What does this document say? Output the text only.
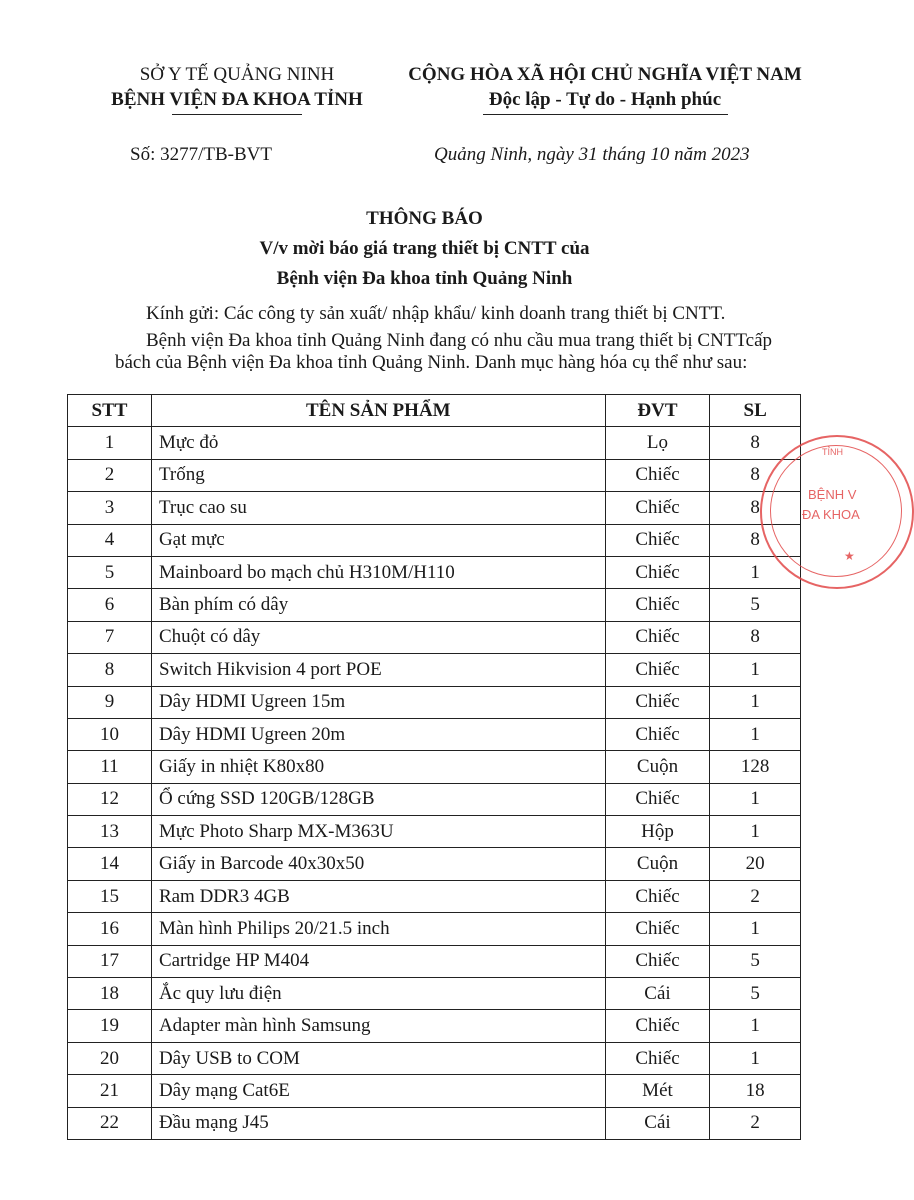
SỞ Y TẾ QUẢNG NINH
BỆNH VIỆN ĐA KHOA TỈNH
CỘNG HÒA XÃ HỘI CHỦ NGHĨA VIỆT NAM
Độc lập - Tự do - Hạnh phúc
Số: 3277/TB-BVT	Quảng Ninh, ngày 31 tháng 10 năm 2023
THÔNG BÁO
V/v mời báo giá trang thiết bị CNTT của
Bệnh viện Đa khoa tỉnh Quảng Ninh
Kính gửi: Các công ty sản xuất/ nhập khẩu/ kinh doanh trang thiết bị CNTT.
Bệnh viện Đa khoa tỉnh Quảng Ninh đang có nhu cầu mua trang thiết bị CNTTcấp bách của Bệnh viện Đa khoa tỉnh Quảng Ninh. Danh mục hàng hóa cụ thể như sau:
STT	TÊN SẢN PHẨM	ĐVT	SL
1	Mực đỏ	Lọ	8
2	Trống	Chiếc	8
3	Trục cao su	Chiếc	8
4	Gạt mực	Chiếc	8
5	Mainboard bo mạch chủ H310M/H110	Chiếc	1
6	Bàn phím có dây	Chiếc	5
7	Chuột có dây	Chiếc	8
8	Switch Hikvision 4 port POE	Chiếc	1
9	Dây HDMI Ugreen 15m	Chiếc	1
10	Dây HDMI Ugreen 20m	Chiếc	1
11	Giấy in nhiệt K80x80	Cuộn	128
12	Ổ cứng SSD 120GB/128GB	Chiếc	1
13	Mực Photo Sharp MX-M363U	Hộp	1
14	Giấy in Barcode 40x30x50	Cuộn	20
15	Ram DDR3 4GB	Chiếc	2
16	Màn hình Philips 20/21.5 inch	Chiếc	1
17	Cartridge HP M404	Chiếc	5
18	Ắc quy lưu điện	Cái	5
19	Adapter màn hình Samsung	Chiếc	1
20	Dây USB to COM	Chiếc	1
21	Dây mạng Cat6E	Mét	18
22	Đầu mạng J45	Cái	2
TỈNH
BỆNH V
ĐA KHOA
★
